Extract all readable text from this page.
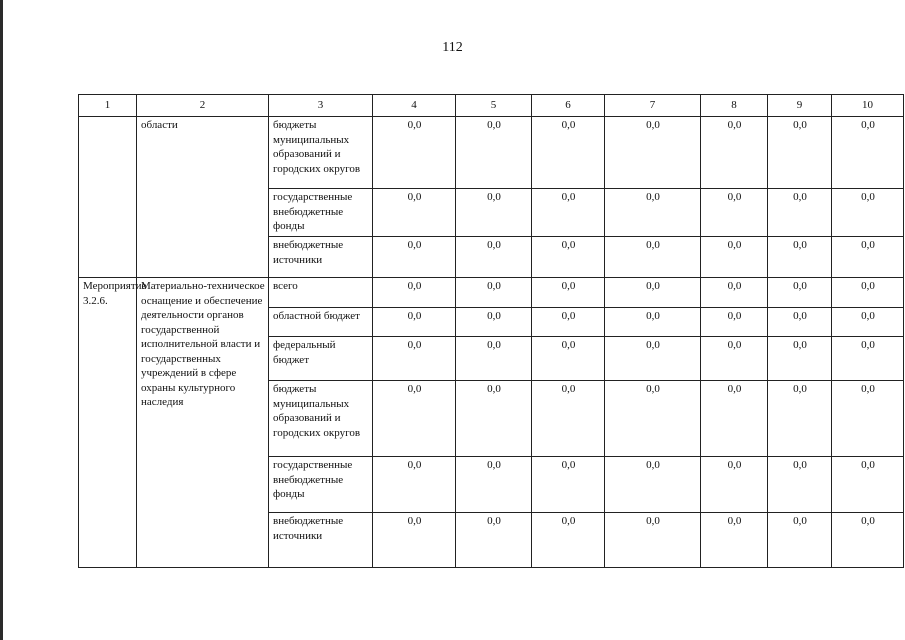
112
1	2	3	4	5	6	7	8	9	10
	области	бюджеты муниципальных образований и городских округов	0,0	0,0	0,0	0,0	0,0	0,0	0,0
		государственные внебюджетные фонды	0,0	0,0	0,0	0,0	0,0	0,0	0,0
		внебюджетные источники	0,0	0,0	0,0	0,0	0,0	0,0	0,0
Мероприятие 3.2.6.	Материально-техническое оснащение и обеспечение деятельности органов государственной исполнительной власти и государственных учреждений в сфере охраны культурного наследия	всего	0,0	0,0	0,0	0,0	0,0	0,0	0,0
		областной бюджет	0,0	0,0	0,0	0,0	0,0	0,0	0,0
		федеральный бюджет	0,0	0,0	0,0	0,0	0,0	0,0	0,0
		бюджеты муниципальных образований и городских округов	0,0	0,0	0,0	0,0	0,0	0,0	0,0
		государственные внебюджетные фонды	0,0	0,0	0,0	0,0	0,0	0,0	0,0
		внебюджетные источники	0,0	0,0	0,0	0,0	0,0	0,0	0,0
